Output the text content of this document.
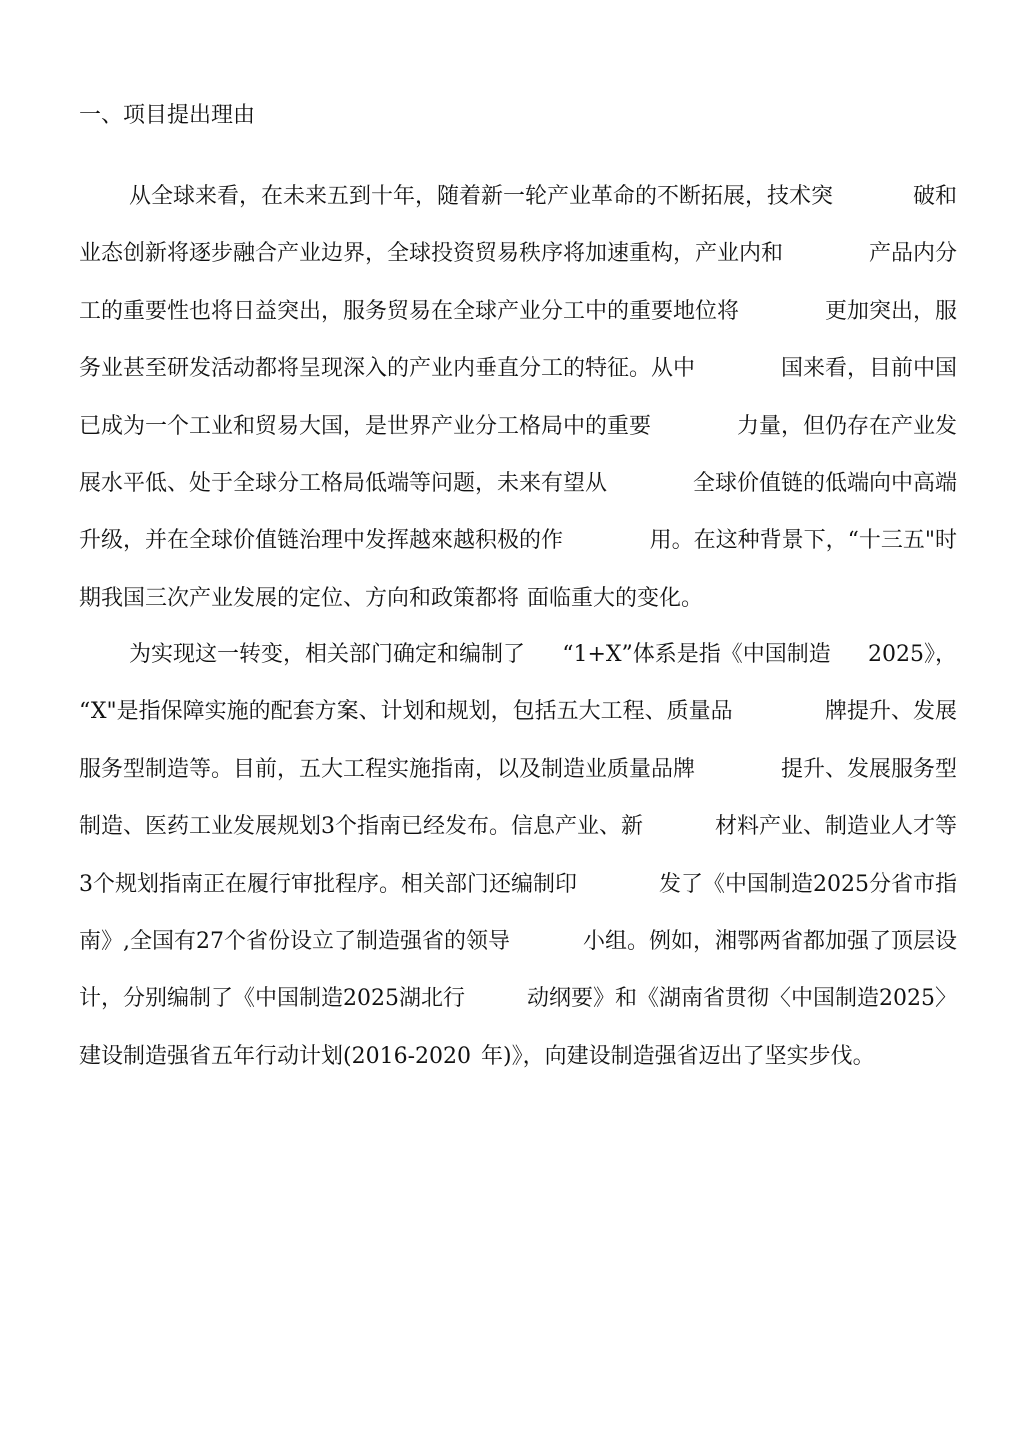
一、项目提出理由
从全球来看，在未来五到十年，随着新一轮产业革命的不断拓展，技术突	破和
业态创新将逐步融合产业边界，全球投资贸易秩序将加速重构，产业内和	产品内分
工的重要性也将日益突出，服务贸易在全球产业分工中的重要地位将	更加突出，服
务业甚至研发活动都将呈现深入的产业内垂直分工的特征。从中	国来看，目前中国
已成为一个工业和贸易大国，是世界产业分工格局中的重要	力量，但仍存在产业发
展水平低、处于全球分工格局低端等问题，未来有望从	全球价值链的低端向中高端
升级，并在全球价值链治理中发挥越來越积极的作	用。在这种背景下，“十三五"时
期我国三次产业发展的定位、方向和政策都将 面临重大的变化。
为实现这一转变，相关部门确定和编制了 “1+X”体系是指《中国制造 2025》，
“X"是指保障实施的配套方案、计划和规划，包括五大工程、质量品	牌提升、发展
服务型制造等。目前，五大工程实施指南，以及制造业质量品牌	提升、发展服务型
制造、医药工业发展规划3个指南已经发布。信息产业、新	材料产业、制造业人才等
3个规划指南正在履行审批程序。相关部门还编制印	发了《中国制造2025分省市指
南》,全国有27个省份设立了制造强省的领导	小组。例如，湘鄂两省都加强了顶层设
计，分别编制了《中国制造2025湖北行	动纲要》和《湖南省贯彻〈中国制造2025〉
建设制造强省五年行动计划(2016-2020 年)》，向建设制造强省迈出了坚实步伐。
